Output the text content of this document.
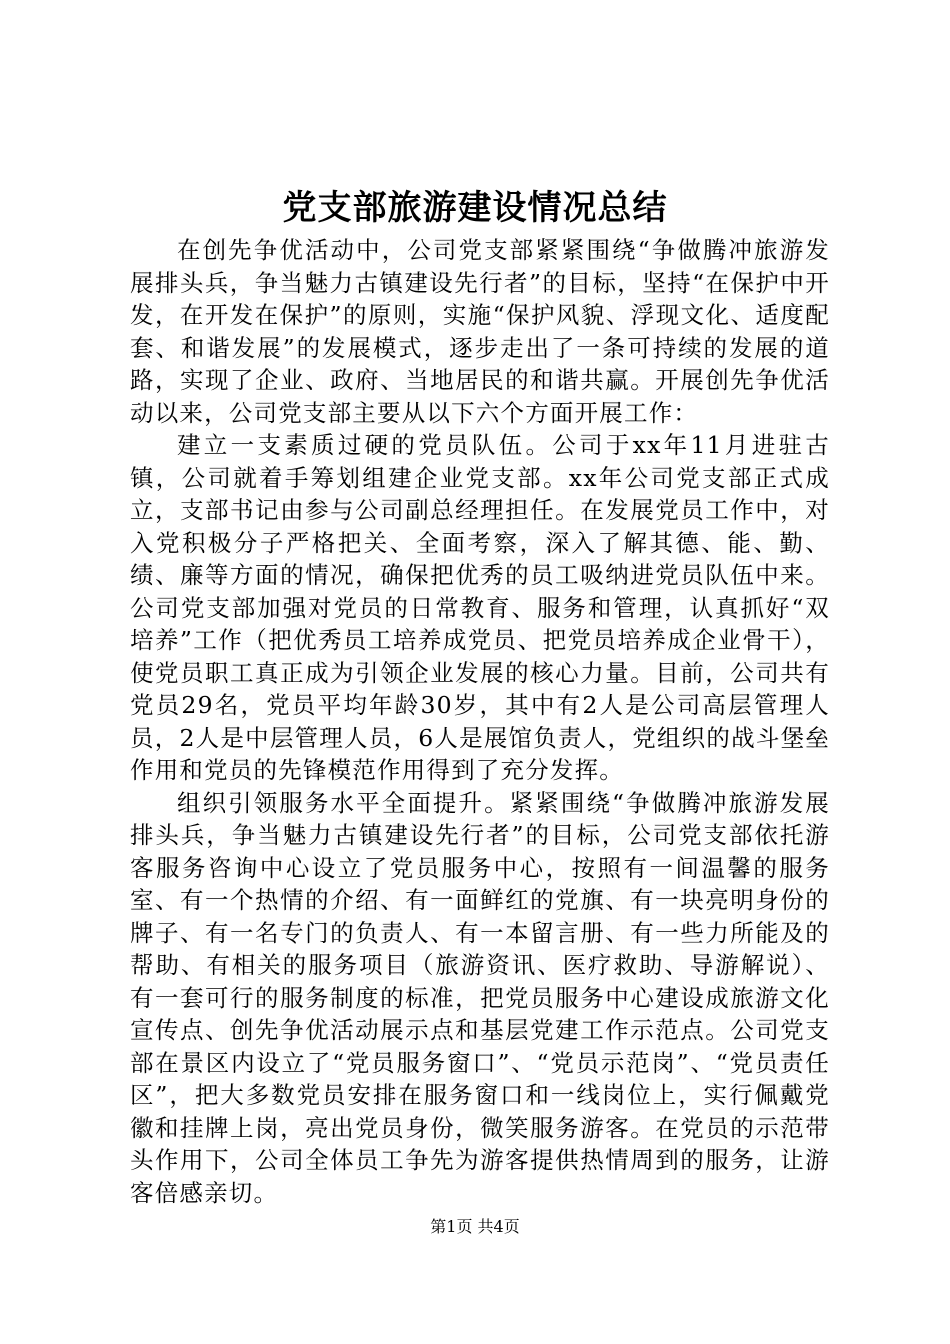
党支部旅游建设情况总结

在创先争优活动中，公司党支部紧紧围绕“争做腾冲旅游发展排头兵，争当魅力古镇建设先行者”的目标，坚持“在保护中开发，在开发在保护”的原则，实施“保护风貌、浮现文化、适度配套、和谐发展”的发展模式，逐步走出了一条可持续的发展的道路，实现了企业、政府、当地居民的和谐共赢。开展创先争优活动以来，公司党支部主要从以下六个方面开展工作：

建立一支素质过硬的党员队伍。公司于xx年11月进驻古镇，公司就着手筹划组建企业党支部。xx年公司党支部正式成立，支部书记由参与公司副总经理担任。在发展党员工作中，对入党积极分子严格把关、全面考察，深入了解其德、能、勤、绩、廉等方面的情况，确保把优秀的员工吸纳进党员队伍中来。公司党支部加强对党员的日常教育、服务和管理，认真抓好“双培养”工作（把优秀员工培养成党员、把党员培养成企业骨干），使党员职工真正成为引领企业发展的核心力量。目前，公司共有党员29名，党员平均年龄30岁，其中有2人是公司高层管理人员，2人是中层管理人员，6人是展馆负责人，党组织的战斗堡垒作用和党员的先锋模范作用得到了充分发挥。

组织引领服务水平全面提升。紧紧围绕“争做腾冲旅游发展排头兵，争当魅力古镇建设先行者”的目标，公司党支部依托游客服务咨询中心设立了党员服务中心，按照有一间温馨的服务室、有一个热情的介绍、有一面鲜红的党旗、有一块亮明身份的牌子、有一名专门的负责人、有一本留言册、有一些力所能及的帮助、有相关的服务项目（旅游资讯、医疗救助、导游解说）、有一套可行的服务制度的标准，把党员服务中心建设成旅游文化宣传点、创先争优活动展示点和基层党建工作示范点。公司党支部在景区内设立了“党员服务窗口”、“党员示范岗”、“党员责任区”，把大多数党员安排在服务窗口和一线岗位上，实行佩戴党徽和挂牌上岗，亮出党员身份，微笑服务游客。在党员的示范带头作用下，公司全体员工争先为游客提供热情周到的服务，让游客倍感亲切。

第1页 共4页
